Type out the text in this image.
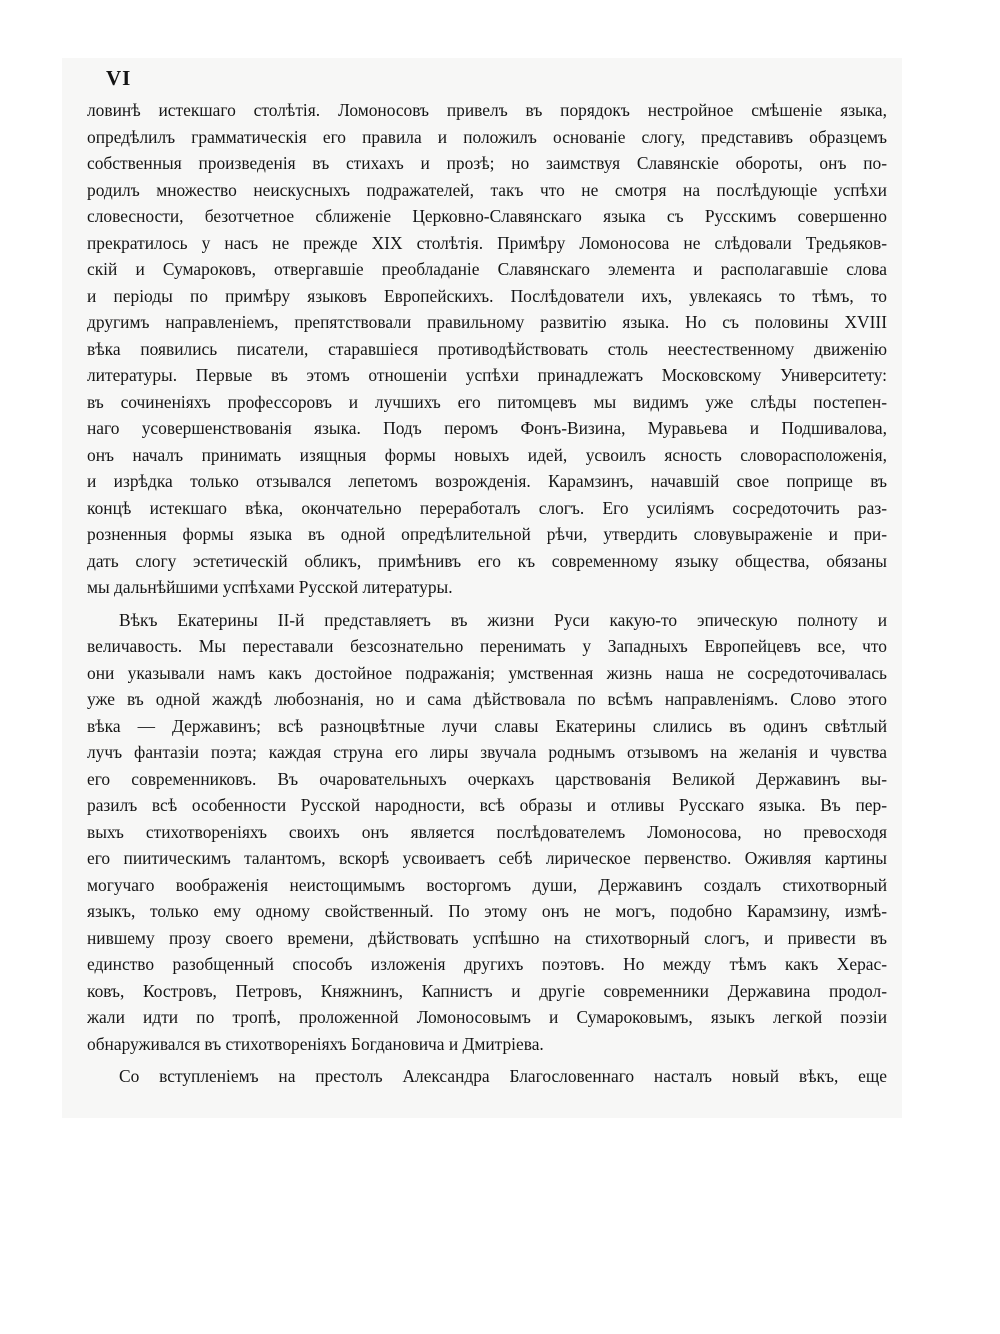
VI
ловинѣ истекшаго столѣтія. Ломоносовъ привелъ въ порядокъ нестройное смѣшеніе языка,
опредѣлилъ грамматическія его правила и положилъ основаніе слогу, представивъ образцемъ
собственныя произведенія въ стихахъ и прозѣ; но заимствуя Славянскіе обороты, онъ по-
родилъ множество неискусныхъ подражателей, такъ что не смотря на послѣдующіе успѣхи
словесности, безотчетное сближеніе Церковно-Славянскаго языка съ Русскимъ совершенно
прекратилось у насъ не прежде XIX столѣтія. Примѣру Ломоносова не слѣдовали Тредьяков-
скій и Сумароковъ, отвергавшіе преобладаніе Славянскаго элемента и располагавшіе слова
и періоды по примѣру языковъ Европейскихъ. Послѣдователи ихъ, увлекаясь то тѣмъ, то
другимъ направленіемъ, препятствовали правильному развитію языка. Но съ половины XVIII
вѣка появились писатели, старавшіеся противодѣйствовать столь неестественному движенію
литературы. Первые въ этомъ отношеніи успѣхи принадлежатъ Московскому Университету:
въ сочиненіяхъ профессоровъ и лучшихъ его питомцевъ мы видимъ уже слѣды постепен-
наго усовершенствованія языка. Подъ перомъ Фонъ-Визина, Муравьева и Подшивалова,
онъ началъ принимать изящныя формы новыхъ идей, усвоилъ ясность словорасположенія,
и изрѣдка только отзывался лепетомъ возрожденія. Карамзинъ, начавшій свое поприще въ
концѣ истекшаго вѣка, окончательно переработалъ слогъ. Его усиліямъ сосредоточить раз-
розненныя формы языка въ одной опредѣлительной рѣчи, утвердить словувыраженіе и при-
дать слогу эстетическій обликъ, примѣнивъ его къ современному языку общества, обязаны
мы дальнѣйшими успѣхами Русской литературы.
Вѣкъ Екатерины II-й представляетъ въ жизни Руси какую-то эпическую полноту и
величавость. Мы переставали безсознательно перенимать у Западныхъ Европейцевъ все, что
они указывали намъ какъ достойное подражанія; умственная жизнь наша не сосредоточивалась
уже въ одной жаждѣ любознанія, но и сама дѣйствовала по всѣмъ направленіямъ. Слово этого
вѣка — Державинъ; всѣ разноцвѣтные лучи славы Екатерины слились въ одинъ свѣтлый
лучъ фантазіи поэта; каждая струна его лиры звучала роднымъ отзывомъ на желанія и чувства
его современниковъ. Въ очаровательныхъ очеркахъ царствованія Великой Державинъ вы-
разилъ всѣ особенности Русской народности, всѣ образы и отливы Русскаго языка. Въ пер-
выхъ стихотвореніяхъ своихъ онъ является послѣдователемъ Ломоносова, но превосходя
его пиитическимъ талантомъ, вскорѣ усвоиваетъ себѣ лирическое первенство. Оживляя картины
могучаго воображенія неистощимымъ восторгомъ души, Державинъ создалъ стихотворный
языкъ, только ему одному свойственный. По этому онъ не могъ, подобно Карамзину, измѣ-
нившему прозу своего времени, дѣйствовать успѣшно на стихотворный слогъ, и привести въ
единство разобщенный способъ изложенія другихъ поэтовъ. Но между тѣмъ какъ Херас-
ковъ, Костровъ, Петровъ, Княжнинъ, Капнистъ и другіе современники Державина продол-
жали идти по тропѣ, проложенной Ломоносовымъ и Сумароковымъ, языкъ легкой поэзіи
обнаруживался въ стихотвореніяхъ Богдановича и Дмитріева.
Со вступленіемъ на престолъ Александра Благословеннаго насталъ новый вѣкъ, еще
